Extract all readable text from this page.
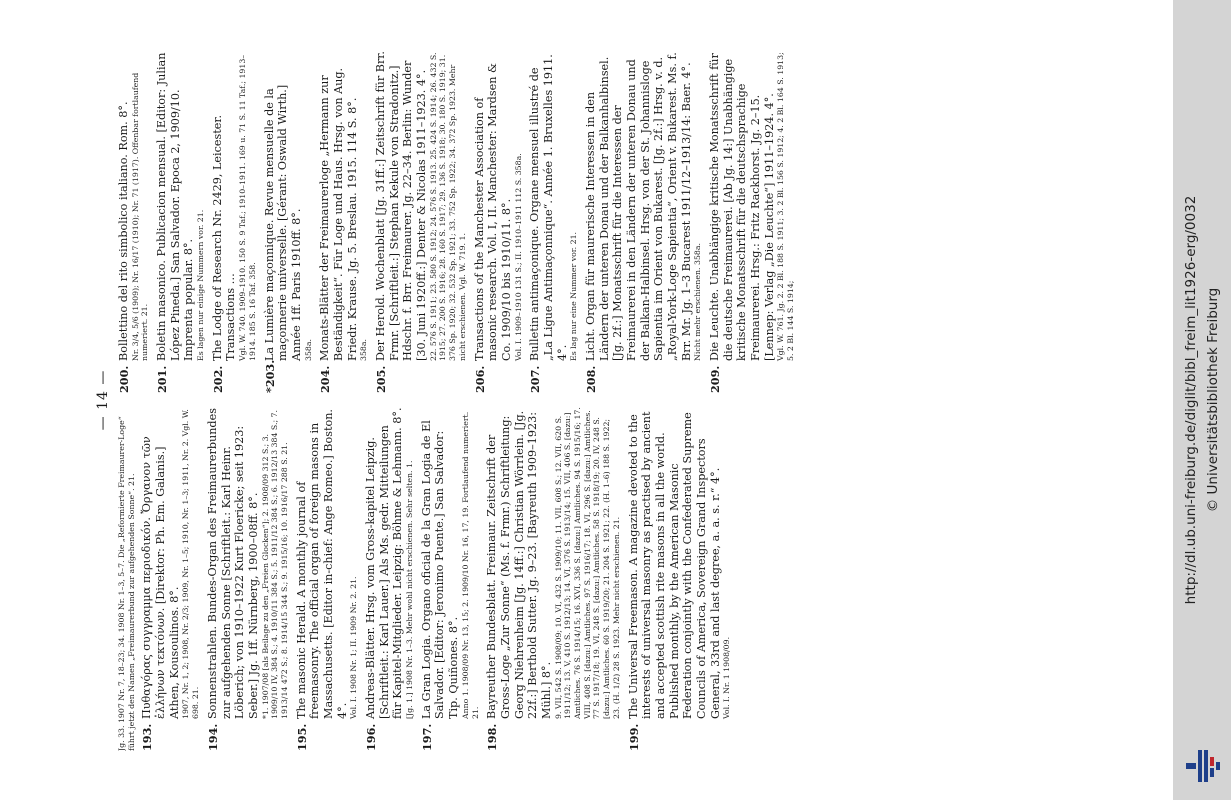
— 14 —
Jg. 33. 1907 Nr. 7, 18–23; 34. 1908 Nr. 1–3, 5–7. Die „Reformierte Freimaurer-Loge“ führt jetzt den Namen „Freimaurerbund zur aufgehenden Sonne“. 21. 193.
Πυθαγόρας συγγραμμα περιοδικόν. Ὄργανον τῶν ἑλλήνων τεκτόνων. [Direktor: Ph. Em. Galanis.] Athen, Kousoulinos. 8°. 1907, Nr. 1, 2; 1908, Nr. 2/3; 1909, Nr. 1–5; 1910, Nr. 1–3; 1911, Nr. 2. Vgl. W. 698. 21.
194.
Sonnenstrahlen. Bundes-Organ des Freimaurerbundes zur aufgehenden Sonne [Schriftleit.: Karl Heinr. Löberich; von 1910–1922 Kurt Floericke; seit 1923: Seber.] Jg. 1ff. Nürnberg, 1900–08ff. 8°. *1. 1907/08 [als Beilage zu den „Freien Glocken“]; 2. 1908/09 312 S.; 3. 1909/10 IV, 384 S.; 4. 1910/11 384 S.; 5. 1911/12 384 S.; 6. 1912/13 384 S.; 7. 1913/14 472 S.; 8. 1914/15 344 S.; 9. 1915/16; 10. 1916/17 288 S. 21.
195.
The masonic Herald. A monthly journal of freemasonry. The official organ of foreign masons in Massachusetts. [Editor in-chief: Ange Romeo.] Boston. 4°. Vol. I. 1908 Nr. 1; II. 1909 Nr. 2. 21.
196.
Andreas-Blätter. Hrsg. vom Gross-kapitel Leipzig. [Schriftleit.: Karl Lauer.] Als Ms. gedr. Mitteilungen für Kapitel-Mitglieder. Leipzig: Böhme & Lehmann. 8°. [Jg. 1.] 1908 Nr. 1–3. Mehr wohl nicht erschienen. Sehr selten. 1.
197.
La Gran Logia. Organo oficial de la Gran Logia de El Salvador. [Editor: Jeronimo Puente.] San Salvador: Tip. Quiñones. 8°. Anno 1. 1908/09 Nr. 13, 15; 2. 1909/10 Nr. 16, 17, 19. Fortlaufend numeriert. 21.
198.
Bayreuther Bundesblatt. Freimaur. Zeitschrift der Gross-Loge „Zur Sonne“ (Ms. f. Frmr.) Schriftleitung: Georg Niehrenheim [Jg. 14ff.:] Christian Wörrlein. [Jg. 22f.:] Berthold Sutter. Jg. 9–23. [Bayreuth 1909–1923: Mühl.] 8°. 9. VII, 542 S. 1908/09; 10. VI, 432 S. 1909/10; 11. VII, 608 S.; 12. VII, 620 S. 1911/12; 13. V, 410 S. 1912/13; 14. VI, 376 S. 1913/14; 15. VII, 406 S. [dazu:] Amtliches. 76 S. 1914/15; 16. XVI, 336 S. [dazu:] Amtliches. 94 S. 1915/16; 17. VIII, 408 S. [dazu:] Amtliches. 97 S. 1916/17; 18. VI, 296 S. [dazu:] Amtliches. 77 S. 1917/18; 19. VI, 248 S. [dazu:] Amtliches. 58 S. 1918/19; 20. IV, 248 S. [dazu:] Amtliches. 60 S. 1919/20; 21. 204 S. 1921; 22. (H. 1–6) 188 S. 1922; 23. (H. 1/2) 28 S. 1923. Mehr nicht erschienen. 21.
199.
The Universal Freemason. A magazine devoted to the interests of universal masonry as practised by ancient and accepted scottish rite masons in all the world. Published monthly, by the American Masonic Federation conjointly with the Confederated Supreme Councils of America, Sovereign Grand Inspectors General, 33rd and last degree, a. a. s. r.“ 4°. Vol. I. Nr. 1 1908/09.
200.
Bollettino del rito simbolico italiano. Rom. 8°. Nr. 3/4, 5/6 (1909); Nr. 16/17 (1910); Nr. 71 (1917). Offenbar fortlaufend numeriert. 21.
201.
Boletin masonico. Publicacion mensual. [Editor: Julian López Pineda.] San Salvador. Epoca 2, 1909/10. Imprenta popular. 8°. Es lagen nur einige Nummern vor. 21.
202.
The Lodge of Research Nr. 2429, Leicester. Transactions … Vgl. W. 740. 1909–1910. 150 S. 9 Taf.; 1910–1911. 169 u. 71 S. 11 Taf.; 1913–1914. 185 S. 16 Taf. 358.
*203.
La Lumière maçonnique. Revue mensuelle de la maçonnerie universelle. [Gérant: Oswald Wirth.] Année 1ff. Paris 1910ff. 8°. 358a.
204.
Monats-Blätter der Freimaurerloge „Hermann zur Beständigkeit“. Für Loge und Haus. Hrsg. von Aug. Friedr. Krause. Jg. 5. Breslau. 1915. 114 S. 8°. 358a.
205.
Der Herold. Wochenblatt [Jg. 31ff.:] Zeitschrift für Brr. Frmr. [Schriftleit.:] Stephan Kekule von Stradonitz.] Hdschr. f. Brr. Freimaurer. Jg. 22–34. Berlin: Wunder [30. Juni 1920ff.:] Denter & Nicolas 1911–1923. 4°. 22. 576 S. 1911; 23. 580 S. 1912; 24. 576 S. 1913. 25. 424 S. 1914; 26. 432 S. 1915; 27. 200 S. 1916; 28. 160 S. 1917; 29. 136 S. 1918; 30. 180 S. 1919; 31. 376 Sp. 1920; 32. 532 Sp. 1921; 33. 752 Sp. 1922; 34. 372 Sp. 1923. Mehr nicht erschienen. Vgl. W. 719. 1.
206.
Transactions of the Manchester Association of masonic research. Vol. I, II. Manchester: Mardsen & Co. 1909/10 bis 1910/11. 8°. Vol. I. 1909–1910 131 S.; II. 1910–1911 112 S. 358a.
207.
Bulletin antimaçonique. Organe mensuel illustré de „La Ligue Antimaçonnique“. Année 1. Bruxelles 1911. 4°. Es lag nur eine Nummer vor. 21.
208.
Licht. Organ für maurerische Interessen in den Ländern der unteren Donau und der Balkanhalbinsel. [Jg. 2f.:] Monatsschrift für die Interessen der Freimaurerei in den Ländern der unteren Donau und der Balkan-Halbinsel. Hrsg. von der St. Johannisloge Sapientia im Orient von Bukarest. [Jg. 2f.:] Hrsg. v. d. „Royal-York-Loge Sapientia“, Orient v. Bukarest. Ms. f. Brr. Mr. Jg. 1–3 Bucarest 1911/12–1913/14: Baer. 4°. Nicht mehr erschienen. 358a.
209.
Die Leuchte. Unabhängige kritische Monatsschrift für die deutsche Freimaurerei. [Ab Jg. 14:] Unabhängige kritische Monatsschrift für die deutschsprachige Freimaurerei. Hrsg.: Fritz Rackhorst. Jg. 2–15. [Lennep: Verlag „Die Leuchte“] 1911–1924. 4°. Vgl. W. 761. Jg. 2. 2 Bl. 188 S. 1911; 3. 2 Bl. 156 S. 1912; 4. 2 Bl. 164 S. 1913; 5. 2 Bl. 144 S. 1914;	http://dl.ub.uni-freiburg.de/diglit/bibl_freim_lit1926-erg/0032 © Universitätsbibliothek Freiburg
